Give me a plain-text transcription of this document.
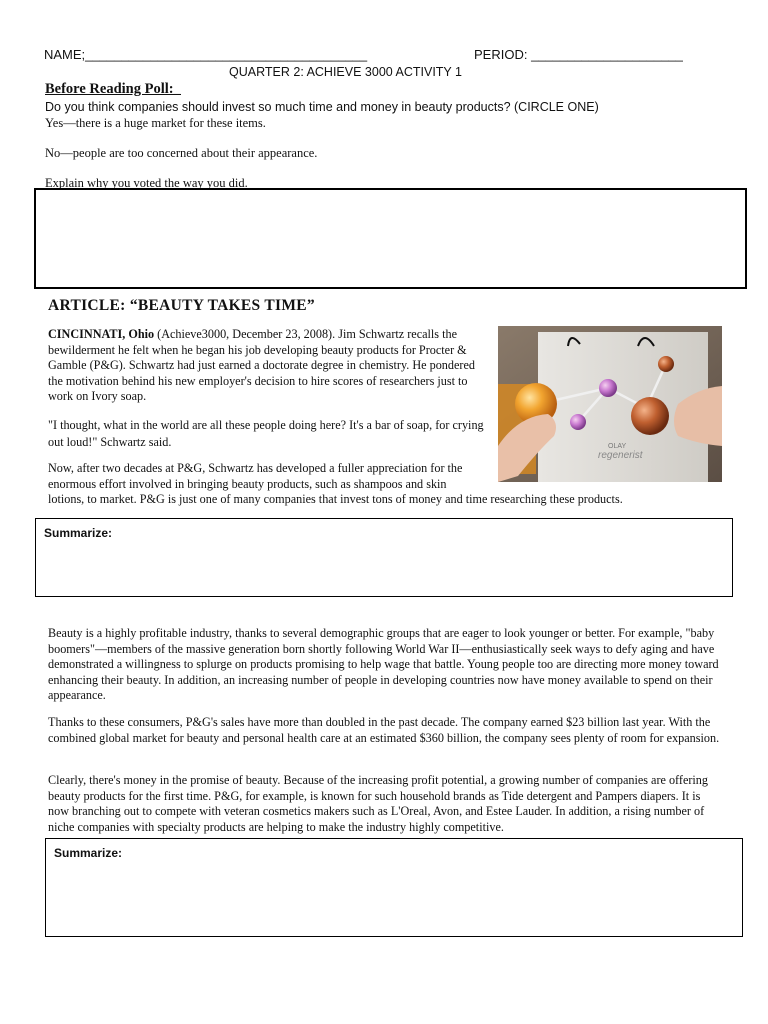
NAME;_______________________________________	PERIOD: _____________________
QUARTER 2: ACHIEVE 3000 ACTIVITY 1
Before Reading Poll:_
Do you think companies should invest so much time and money in beauty products? (CIRCLE ONE)
Yes—there is a huge market for these items.
No—people are too concerned about their appearance.
Explain why you voted the way you did.
ARTICLE: “BEAUTY TAKES TIME”

CINCINNATI, Ohio (Achieve3000, December 23, 2008). Jim Schwartz recalls the bewilderment he felt when he began his job developing beauty products for Procter & Gamble (P&G). Schwartz had just earned a doctorate degree in chemistry. He pondered the motivation behind his new employer's decision to hire scores of researchers just to work on Ivory soap.

"I thought, what in the world are all these people doing here? It's a bar of soap, for crying out loud!" Schwartz said.

Now, after two decades at P&G, Schwartz has developed a fuller appreciation for the
enormous effort involved in bringing beauty products, such as shampoos and skin
lotions, to market. P&G is just one of many companies that invest tons of money and time researching these products.

OLAY
regenerist
Summarize:

Beauty is a highly profitable industry, thanks to several demographic groups that are eager to look younger or better. For example, "baby boomers"—members of the massive generation born shortly following World War II—enthusiastically seek ways to defy aging and have demonstrated a willingness to splurge on products promising to help wage that battle. Young people too are directing more money toward enhancing their beauty. In addition, an increasing number of people in developing countries now have money available to spend on their appearance.

Thanks to these consumers, P&G's sales have more than doubled in the past decade. The company earned $23 billion last year. With the combined global market for beauty and personal health care at an estimated $360 billion, the company sees plenty of room for expansion.

Clearly, there's money in the promise of beauty. Because of the increasing profit potential, a growing number of companies are offering beauty products for the first time. P&G, for example, is known for such household brands as Tide detergent and Pampers diapers. It is now branching out to compete with veteran cosmetics makers such as L'Oreal, Avon, and Estee Lauder. In addition, a rising number of niche companies with specialty products are helping to make the industry highly competitive.

Summarize:
